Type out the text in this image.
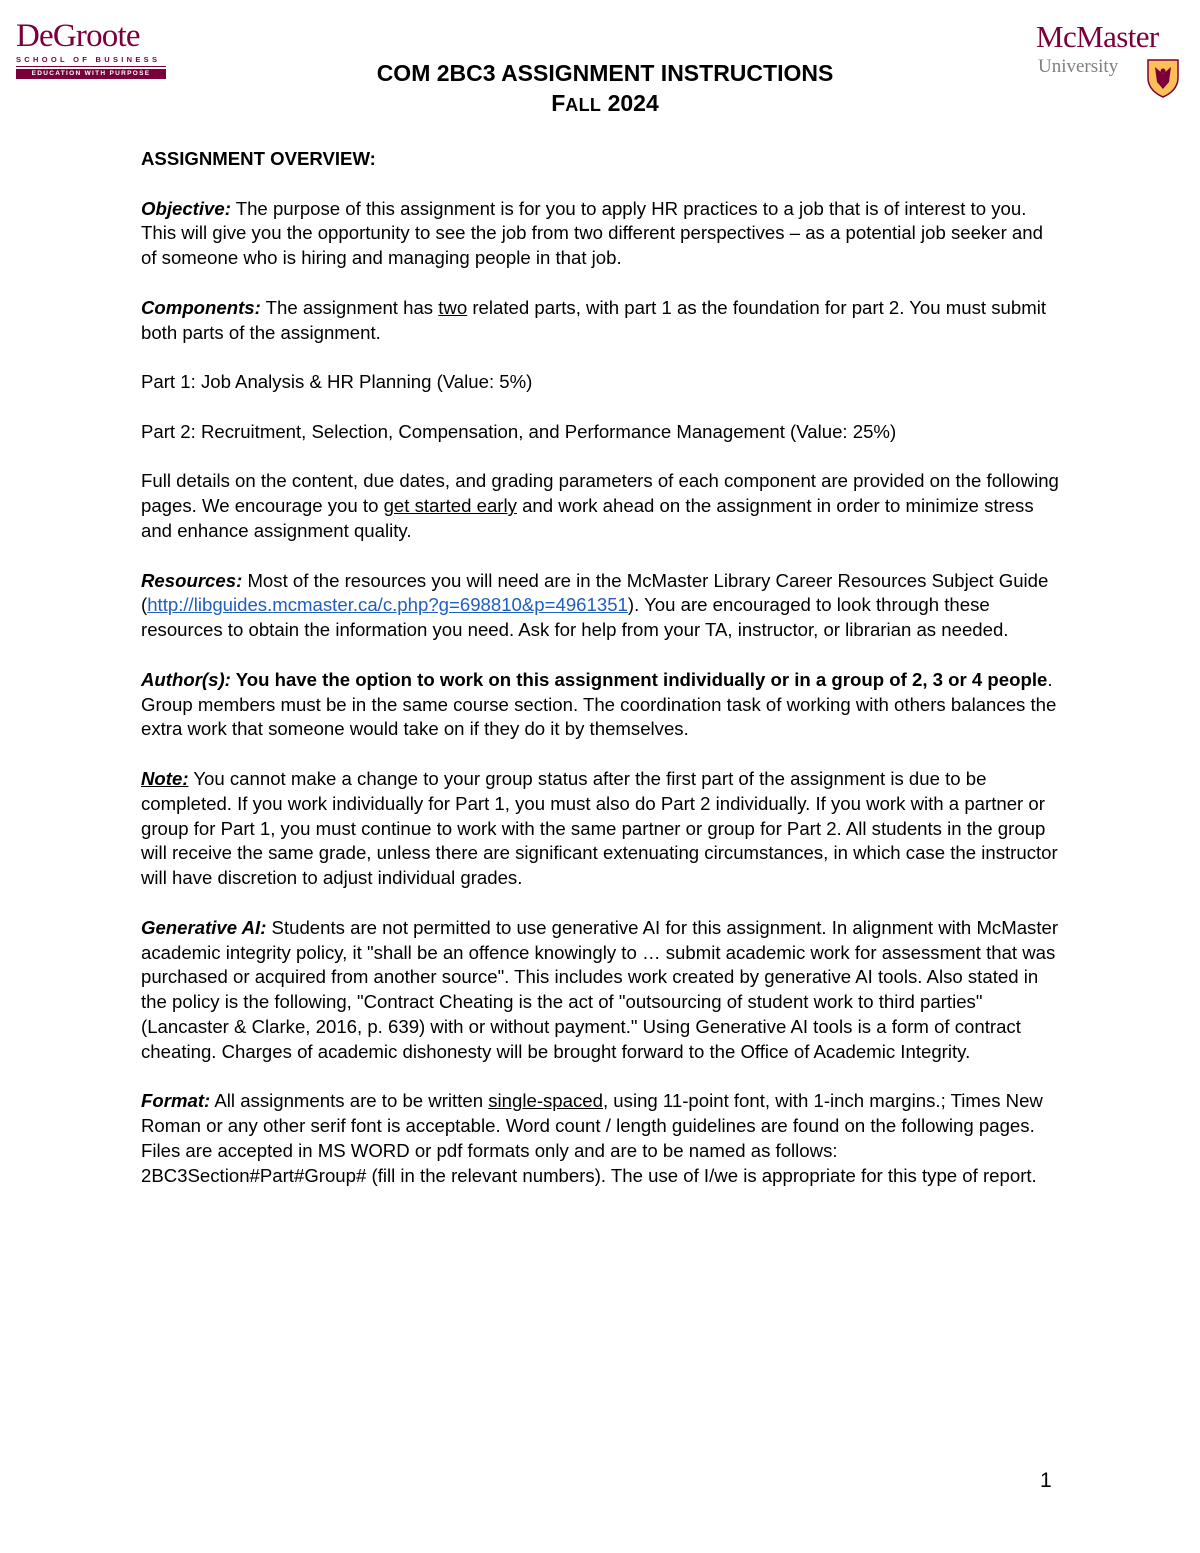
DeGroote
SCHOOL OF BUSINESS
EDUCATION WITH PURPOSE
McMaster
University
COM 2BC3 ASSIGNMENT INSTRUCTIONS
FALL 2024

ASSIGNMENT OVERVIEW:

Objective: The purpose of this assignment is for you to apply HR practices to a job that is of interest to you. This will give you the opportunity to see the job from two different perspectives – as a potential job seeker and of someone who is hiring and managing people in that job.

Components: The assignment has two related parts, with part 1 as the foundation for part 2. You must submit both parts of the assignment.

Part 1: Job Analysis & HR Planning (Value: 5%)

Part 2: Recruitment, Selection, Compensation, and Performance Management (Value: 25%)

Full details on the content, due dates, and grading parameters of each component are provided on the following pages. We encourage you to get started early and work ahead on the assignment in order to minimize stress and enhance assignment quality.

Resources: Most of the resources you will need are in the McMaster Library Career Resources Subject Guide (http://libguides.mcmaster.ca/c.php?g=698810&p=4961351). You are encouraged to look through these resources to obtain the information you need. Ask for help from your TA, instructor, or librarian as needed.

Author(s): You have the option to work on this assignment individually or in a group of 2, 3 or 4 people. Group members must be in the same course section. The coordination task of working with others balances the extra work that someone would take on if they do it by themselves.

Note: You cannot make a change to your group status after the first part of the assignment is due to be completed. If you work individually for Part 1, you must also do Part 2 individually. If you work with a partner or group for Part 1, you must continue to work with the same partner or group for Part 2. All students in the group will receive the same grade, unless there are significant extenuating circumstances, in which case the instructor will have discretion to adjust individual grades.

Generative AI: Students are not permitted to use generative AI for this assignment. In alignment with McMaster academic integrity policy, it "shall be an offence knowingly to … submit academic work for assessment that was purchased or acquired from another source". This includes work created by generative AI tools. Also stated in the policy is the following, "Contract Cheating is the act of "outsourcing of student work to third parties" (Lancaster & Clarke, 2016, p. 639) with or without payment." Using Generative AI tools is a form of contract cheating. Charges of academic dishonesty will be brought forward to the Office of Academic Integrity.

Format: All assignments are to be written single-spaced, using 11-point font, with 1-inch margins.; Times New Roman or any other serif font is acceptable. Word count / length guidelines are found on the following pages. Files are accepted in MS WORD or pdf formats only and are to be named as follows: 2BC3Section#Part#Group# (fill in the relevant numbers). The use of I/we is appropriate for this type of report.

1
